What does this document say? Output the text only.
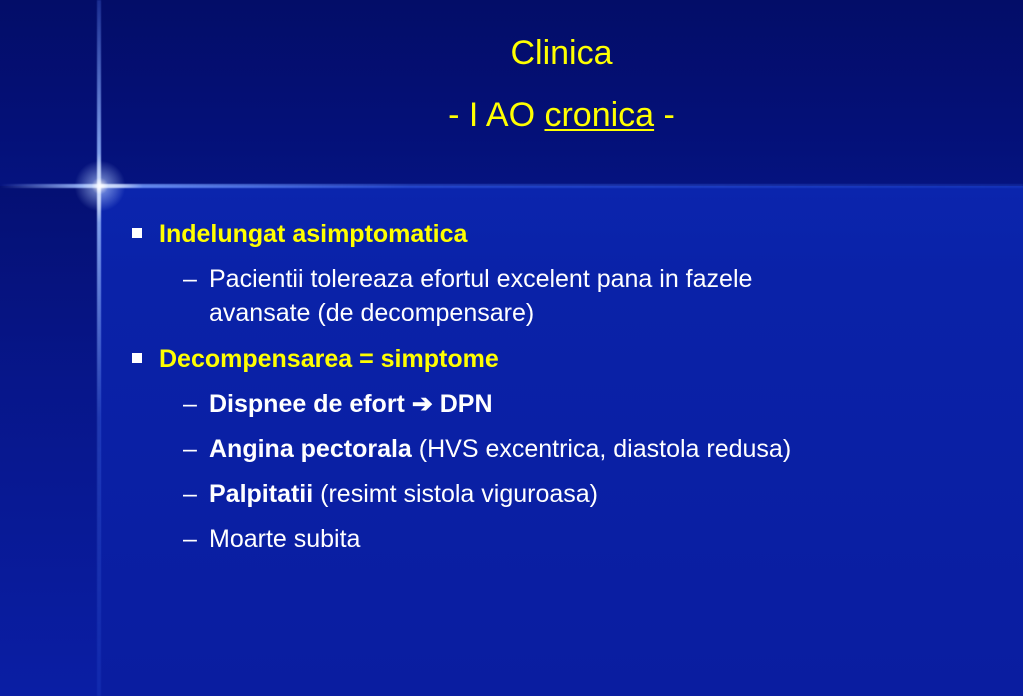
Clinica
- I AO cronica -
Indelungat asimptomatica
– Pacientii tolereaza efortul excelent pana in fazele
avansate (de decompensare)
Decompensarea = simptome
– Dispnee de efort ➔ DPN
– Angina pectorala (HVS excentrica, diastola redusa)
– Palpitatii (resimt sistola viguroasa)
– Moarte subita
